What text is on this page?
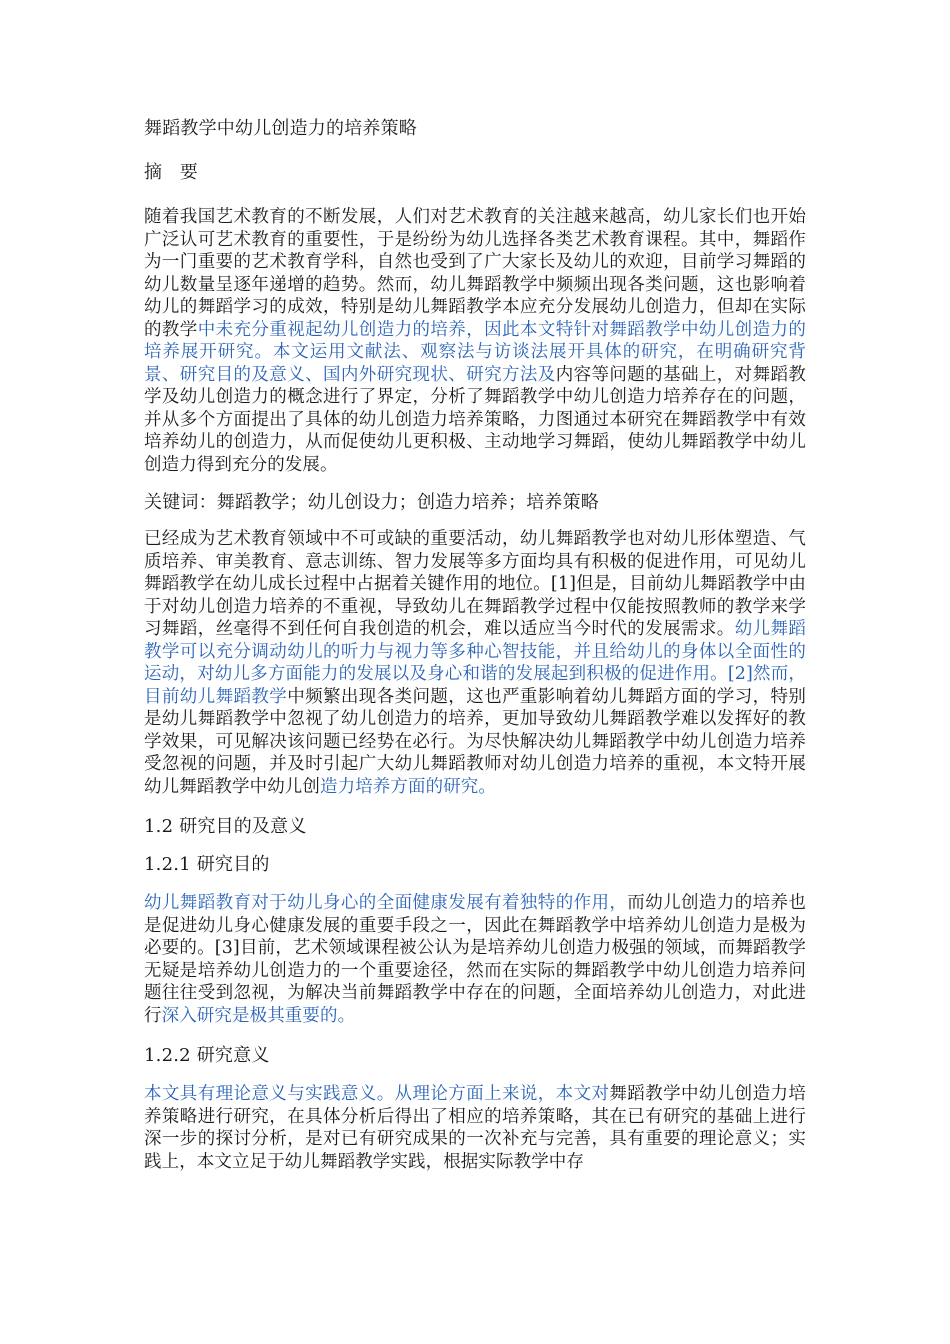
舞蹈教学中幼儿创造力的培养策略

摘 要

随着我国艺术教育的不断发展，人们对艺术教育的关注越来越高，幼儿家长们也开始广泛认可艺术教育的重要性，于是纷纷为幼儿选择各类艺术教育课程。其中，舞蹈作为一门重要的艺术教育学科，自然也受到了广大家长及幼儿的欢迎，目前学习舞蹈的幼儿数量呈逐年递增的趋势。然而，幼儿舞蹈教学中频频出现各类问题，这也影响着幼儿的舞蹈学习的成效，特别是幼儿舞蹈教学本应充分发展幼儿创造力，但却在实际的教学中未充分重视起幼儿创造力的培养，因此本文特针对舞蹈教学中幼儿创造力的培养展开研究。本文运用文献法、观察法与访谈法展开具体的研究，在明确研究背景、研究目的及意义、国内外研究现状、研究方法及内容等问题的基础上，对舞蹈教学及幼儿创造力的概念进行了界定，分析了舞蹈教学中幼儿创造力培养存在的问题，并从多个方面提出了具体的幼儿创造力培养策略，力图通过本研究在舞蹈教学中有效培养幼儿的创造力，从而促使幼儿更积极、主动地学习舞蹈，使幼儿舞蹈教学中幼儿创造力得到充分的发展。

关键词：舞蹈教学；幼儿创设力；创造力培养；培养策略

已经成为艺术教育领域中不可或缺的重要活动，幼儿舞蹈教学也对幼儿形体塑造、气质培养、审美教育、意志训练、智力发展等多方面均具有积极的促进作用，可见幼儿舞蹈教学在幼儿成长过程中占据着关键作用的地位。[1]但是，目前幼儿舞蹈教学中由于对幼儿创造力培养的不重视，导致幼儿在舞蹈教学过程中仅能按照教师的教学来学习舞蹈，丝毫得不到任何自我创造的机会，难以适应当今时代的发展需求。幼儿舞蹈教学可以充分调动幼儿的听力与视力等多种心智技能，并且给幼儿的身体以全面性的运动，对幼儿多方面能力的发展以及身心和谐的发展起到积极的促进作用。[2]然而，目前幼儿舞蹈教学中频繁出现各类问题，这也严重影响着幼儿舞蹈方面的学习，特别是幼儿舞蹈教学中忽视了幼儿创造力的培养，更加导致幼儿舞蹈教学难以发挥好的教学效果，可见解决该问题已经势在必行。为尽快解决幼儿舞蹈教学中幼儿创造力培养受忽视的问题，并及时引起广大幼儿舞蹈教师对幼儿创造力培养的重视，本文特开展幼儿舞蹈教学中幼儿创造力培养方面的研究。

1.2 研究目的及意义

1.2.1 研究目的

幼儿舞蹈教育对于幼儿身心的全面健康发展有着独特的作用，而幼儿创造力的培养也是促进幼儿身心健康发展的重要手段之一，因此在舞蹈教学中培养幼儿创造力是极为必要的。[3]目前，艺术领域课程被公认为是培养幼儿创造力极强的领域，而舞蹈教学无疑是培养幼儿创造力的一个重要途径，然而在实际的舞蹈教学中幼儿创造力培养问题往往受到忽视，为解决当前舞蹈教学中存在的问题，全面培养幼儿创造力，对此进行深入研究是极其重要的。

1.2.2 研究意义

本文具有理论意义与实践意义。从理论方面上来说，本文对舞蹈教学中幼儿创造力培养策略进行研究，在具体分析后得出了相应的培养策略，其在已有研究的基础上进行深一步的探讨分析，是对已有研究成果的一次补充与完善，具有重要的理论意义；实践上，本文立足于幼儿舞蹈教学实践，根据实际教学中存
